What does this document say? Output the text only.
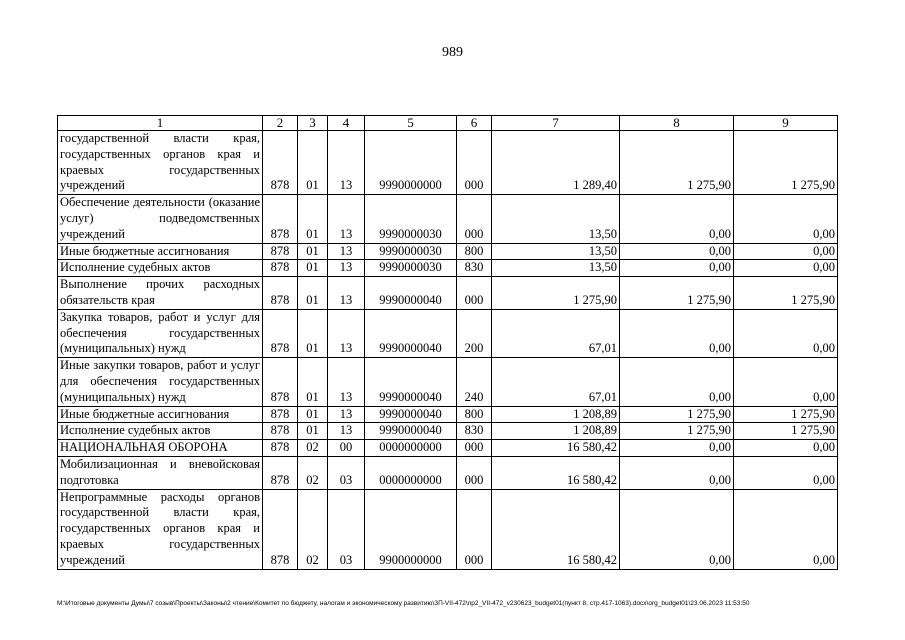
989
1	2	3	4	5	6	7	8	9
государственной власти края, государственных органов края и краевых государственных учреждений	878	01	13	9990000000	000	1 289,40	1 275,90	1 275,90
Обеспечение деятельности (оказание услуг) подведомственных учреждений	878	01	13	9990000030	000	13,50	0,00	0,00
Иные бюджетные ассигнования	878	01	13	9990000030	800	13,50	0,00	0,00
Исполнение судебных актов	878	01	13	9990000030	830	13,50	0,00	0,00
Выполнение прочих расходных обязательств края	878	01	13	9990000040	000	1 275,90	1 275,90	1 275,90
Закупка товаров, работ и услуг для обеспечения государственных (муниципальных) нужд	878	01	13	9990000040	200	67,01	0,00	0,00
Иные закупки товаров, работ и услуг для обеспечения государственных (муниципальных) нужд	878	01	13	9990000040	240	67,01	0,00	0,00
Иные бюджетные ассигнования	878	01	13	9990000040	800	1 208,89	1 275,90	1 275,90
Исполнение судебных актов	878	01	13	9990000040	830	1 208,89	1 275,90	1 275,90
НАЦИОНАЛЬНАЯ ОБОРОНА	878	02	00	0000000000	000	16 580,42	0,00	0,00
Мобилизационная и вневойсковая подготовка	878	02	03	0000000000	000	16 580,42	0,00	0,00
Непрограммные расходы органов государственной власти края, государственных органов края и краевых государственных учреждений	878	02	03	9900000000	000	16 580,42	0,00	0,00
M:\Итоговые документы Думы\7 созыв\Проекты\Законы\2 чтение\Комитет по бюджету, налогам и экономическому развитию\ЗП-VII-472\пр2_VII-472_v230623_budget01(пункт 8, стр.417-1063).docx\org_budget01\23.06.2023 11:53:50
